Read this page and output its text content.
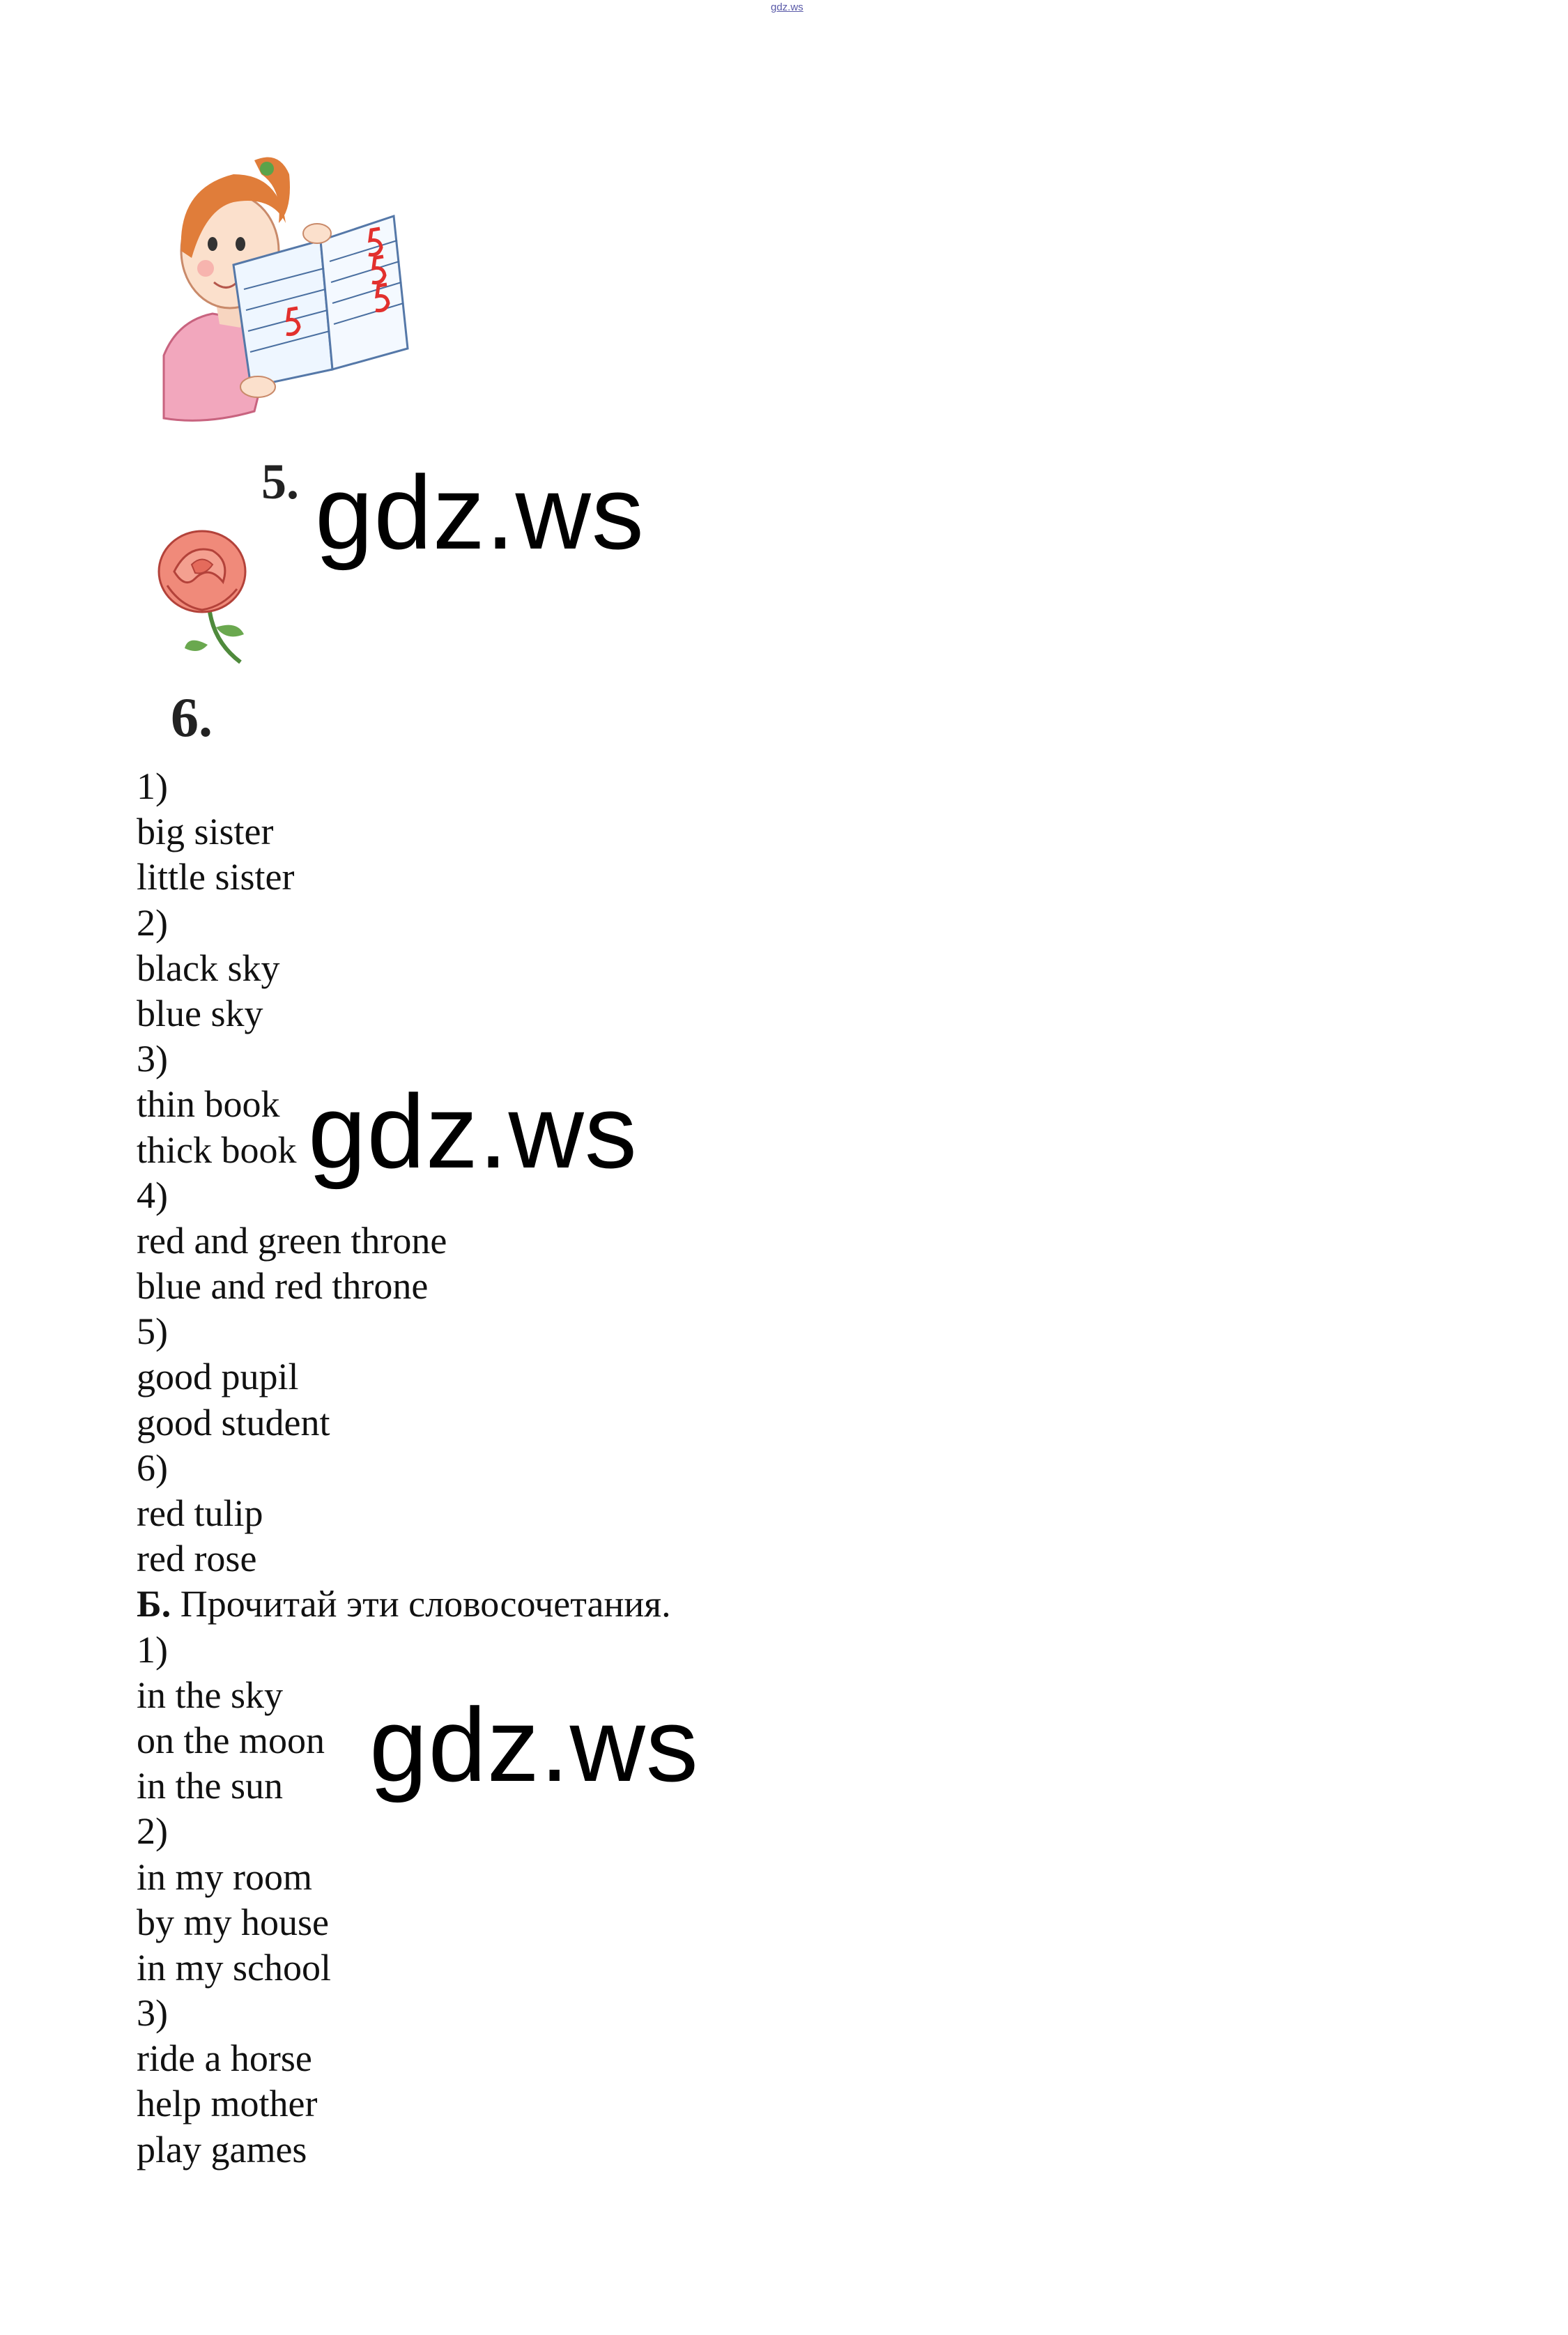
gdz.ws
5.
6.
gdz.ws
gdz.ws
gdz.ws
1)
big sister
little sister
2)
black sky
blue sky
3)
thin book
thick book
4)
red and green throne
blue and red throne
5)
good pupil
good student
6)
red tulip
red rose
Б. Прочитай эти словосочетания.
1)
in the sky
on the moon
in the sun
2)
in my room
by my house
in my school
3)
ride a horse
help mother
play games
